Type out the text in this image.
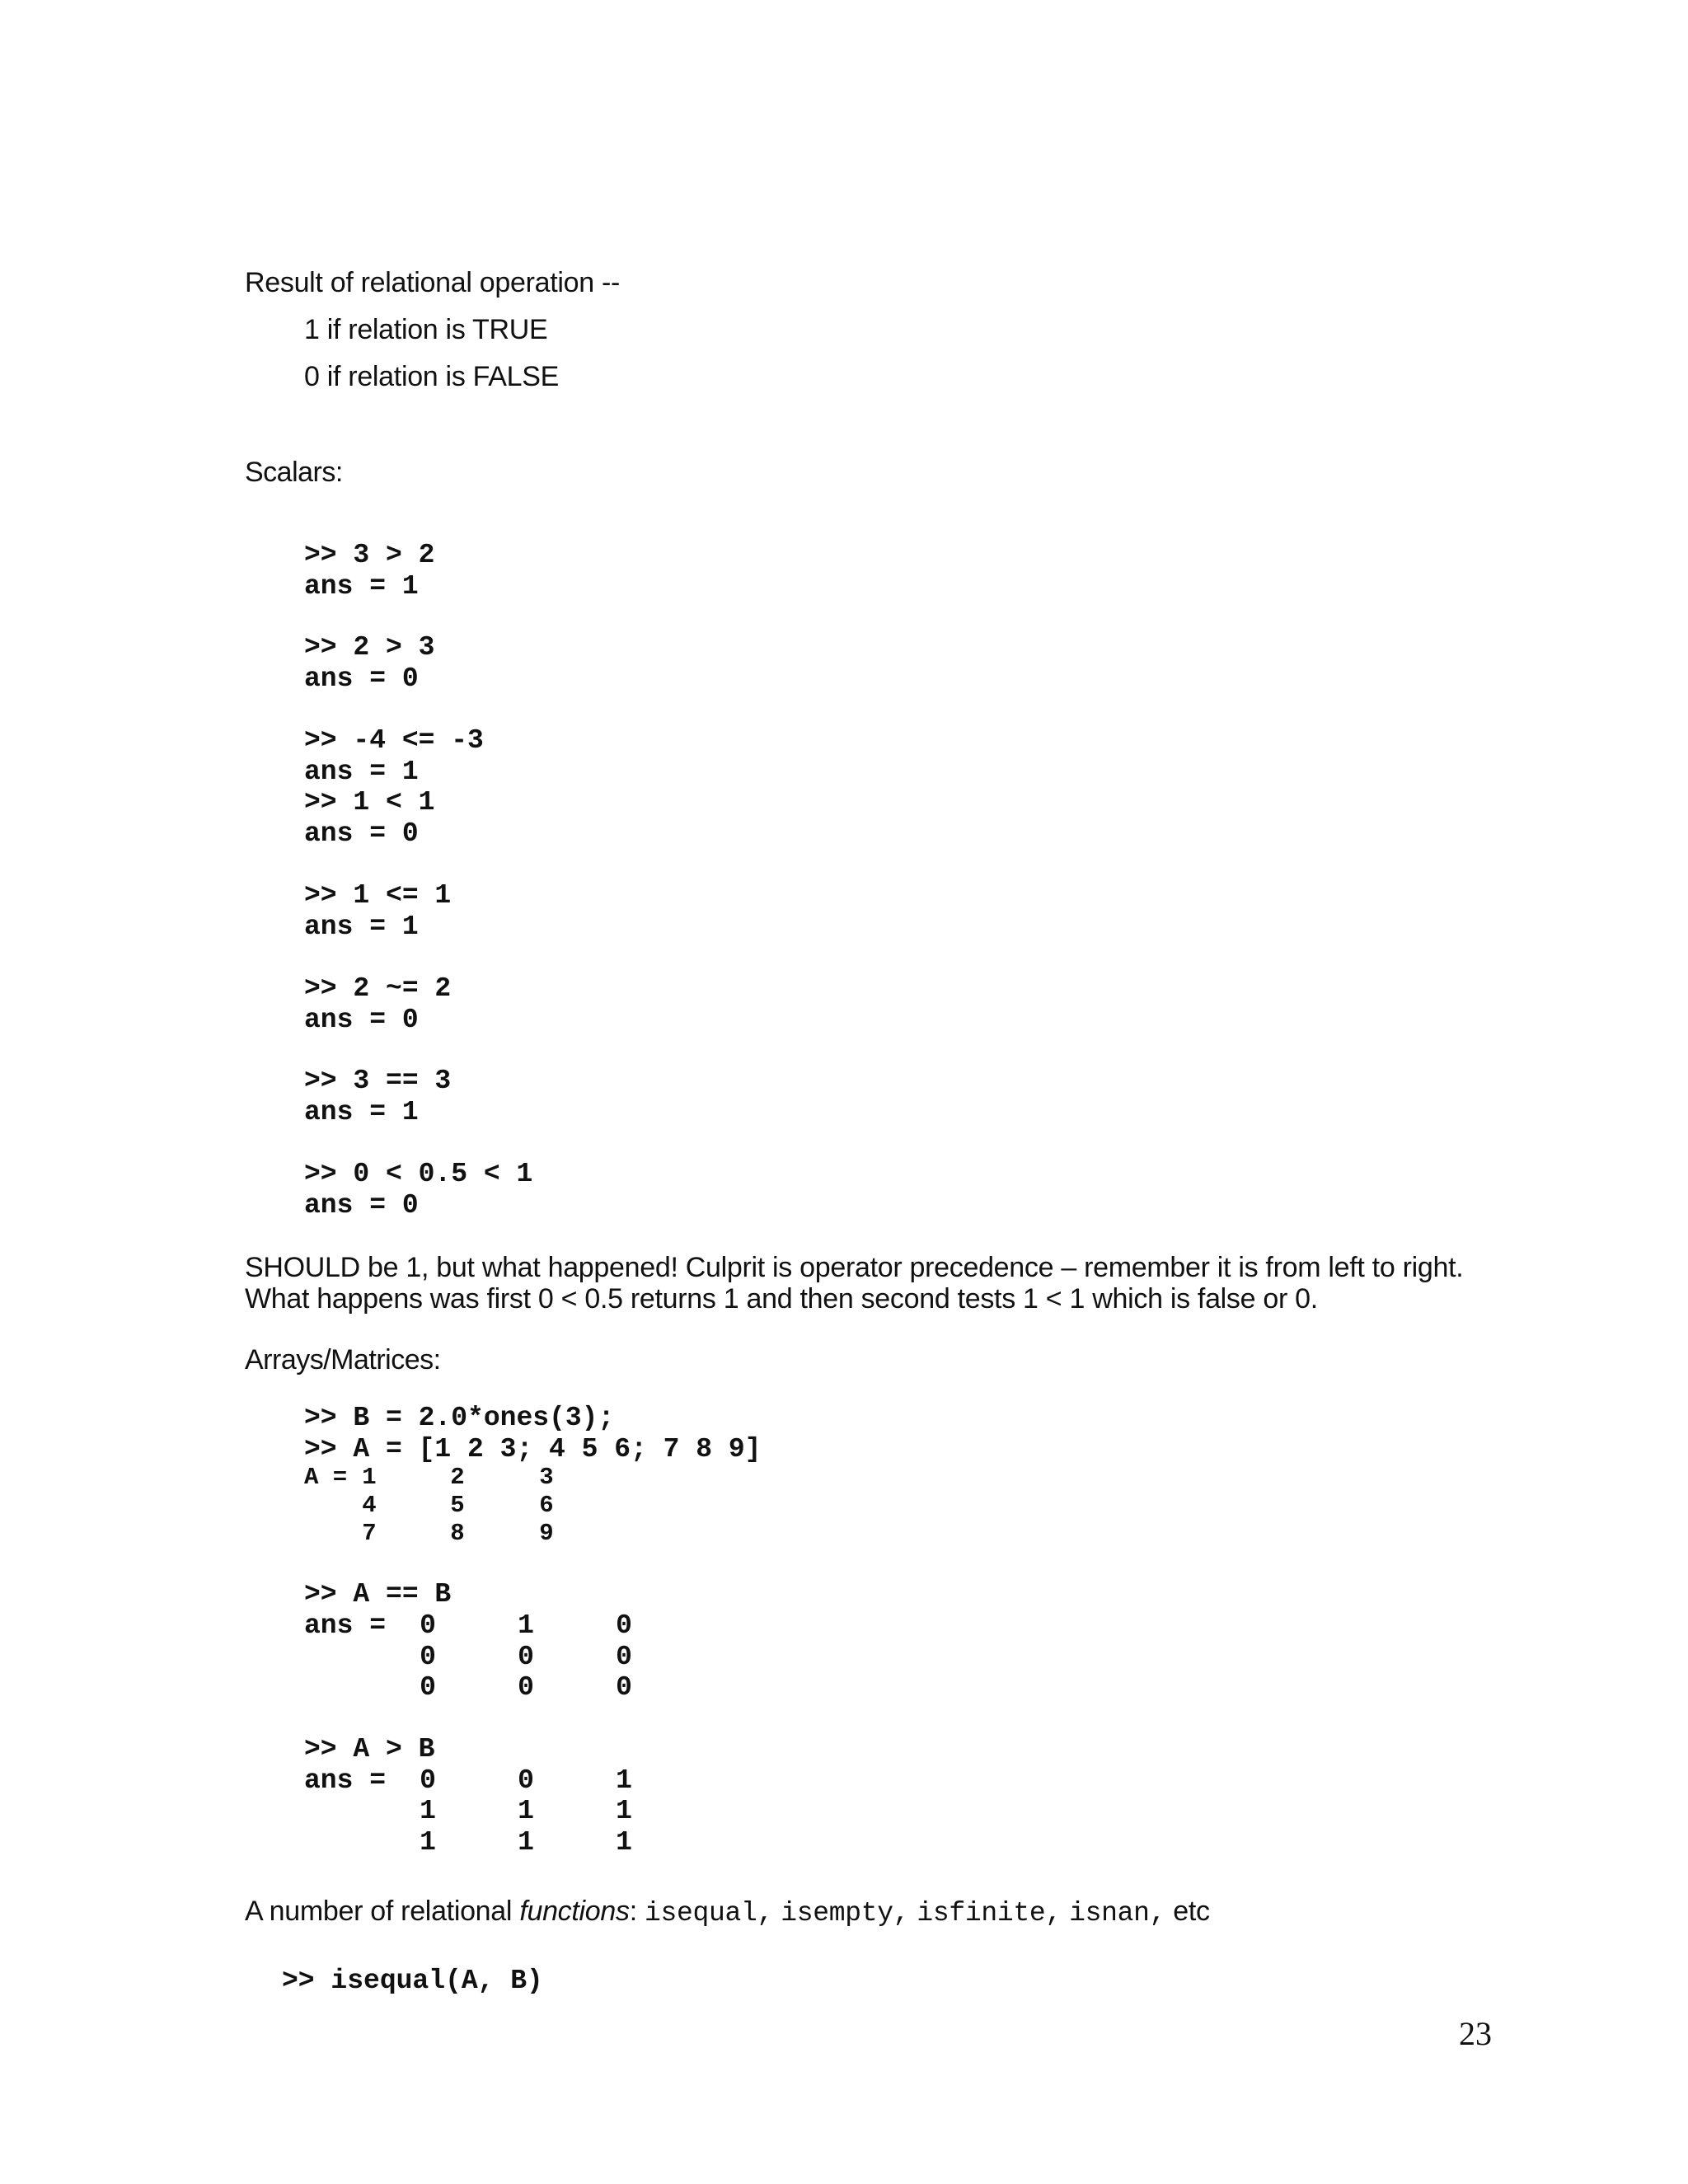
Result of relational operation --
1 if relation is TRUE
0 if relation is FALSE
Scalars:
>> 3 > 2
ans = 1
>> 2 > 3
ans = 0
>> -4 <= -3
ans = 1
>> 1 < 1
ans = 0
>> 1 <= 1
ans = 1
>> 2 ~= 2
ans = 0
>> 3 == 3
ans = 1
>> 0 < 0.5 < 1
ans = 0
SHOULD be 1, but what happened! Culprit is operator precedence – remember it is from left to right.
What happens was first 0 < 0.5 returns 1 and then second tests 1 < 1 which is false or 0.
Arrays/Matrices:
>> B = 2.0*ones(3);
>> A = [1 2 3; 4 5 6; 7 8 9]
A = 1	2	3
4	5	6
7	8	9
>> A == B
ans =	0	1	0
0	0	0
0	0	0
>> A > B
ans =	0	0	1
1	1	1
1	1	1
A number of relational functions: isequal, isempty, isfinite, isnan, etc
>> isequal(A, B)
23
